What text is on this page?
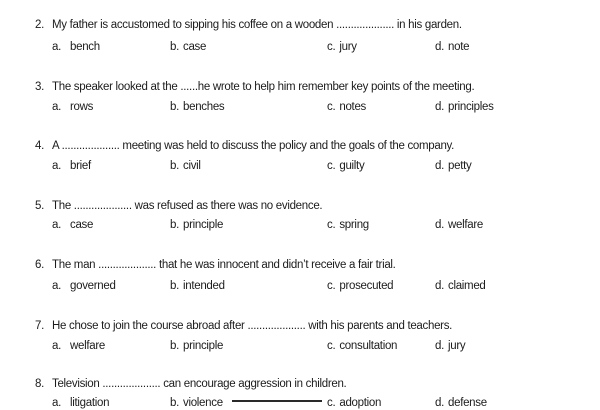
2. My father is accustomed to sipping his coffee on a wooden .................... in his garden.
a. bench	b. case	c. jury	d. note
3. The speaker looked at the ......he wrote to help him remember key points of the meeting.
a. rows	b. benches	c. notes	d. principles
4. A .................... meeting was held to discuss the policy and the goals of the company.
a. brief	b. civil	c. guilty	d. petty
5. The .................... was refused as there was no evidence.
a. case	b. principle	c. spring	d. welfare
6. The man .................... that he was innocent and didn’t receive a fair trial.
a. governed	b. intended	c. prosecuted	d. claimed
7. He chose to join the course abroad after .................... with his parents and teachers.
a. welfare	b. principle	c. consultation	d. jury
8. Television .................... can encourage aggression in children.
a. litigation	b. violence	c. adoption	d. defense
